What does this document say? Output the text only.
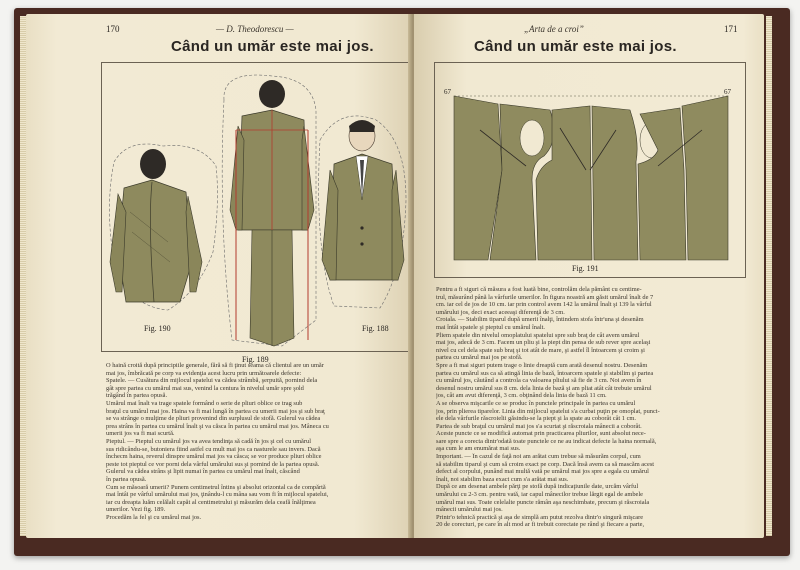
170	— D. Theodorescu —
Când un umăr este mai jos.
Fig. 190
Fig. 189
Fig. 188
O haină croită după principiile generale, fără să fi ţinut seama că clientul are un umăr
mai jos, îmbrăcată pe corp va evidenţia acest lucru prin următoarele defecte:
Spatele. — Cusătura din mijlocul spatelui va cădea strâmbă, şerpuită, pornind dela
gât spre partea cu umărul mai sus, venind la centura în nivelul umăr spre şold
trăgând în partea opusă.
Umărul mai înalt va trage spatele formând o serie de pliuri oblice ce trag sub
braţul cu umărul mai jos. Haina va fi mai lungă în partea cu umerii mai jos şi sub braţ
se va strânge o mulţime de pliuri provenind din surplusul de stofă. Gulerul va cădea
prea strâns în partea cu umărul înalt şi va căsca în partea cu umărul mai jos. Mâneca cu
umerii jos va fi mai scurtă.
Pieptul. — Pieptul cu umărul jos va avea tendinţa să cadă în jos şi cel cu umărul
sus ridicându-se, butoniera fiind astfel cu mult mai jos ca nasturele sau invers. Dacă
închecm haina, reverul dinspre umărul mai jos va căsca; se vor produce pliuri oblice
peste tot pieptul ce vor porni dela vârful umărului sus şi pornind de la partea opusă.
Gulerul va cădea strâns şi lipit numai în partea cu umărul mai înalt, căscând
în partea opusă.
Cum se măsoară umerii? Punem centimetrul întins şi absolut orizontal ca de compărtă
mai întâi pe vârful umărului mai jos, ţinându-l cu mâna sau vom fi în mijlocul spatelui,
iar cu dreapta luăm celălalt capăt al centimetrului şi măsurăm dela ceafă înălţimea
umerilor. Vezi fig. 189.
Procedăm la fel şi cu umărul mai jos.
„Arta de a croi”	171
Când un umăr este mai jos.
67	67
Fig. 191
Pentru a fi siguri că măsura a fost luată bine, controlăm dela pământ cu centime-
trul, măsurând până la vârfurile umerilor. În figura noastră am găsit umărul înalt de 7
cm. iar cel de jos de 10 cm. iar prin control avem 142 la umărul înalt şi 139 la vârful
umărului jos, deci exact aceeaşi diferenţă de 3 cm.
Croiala. — Stabilim tiparul după umerii înalţi, întindem stofa într'una şi desenăm
mai întâi spatele şi pieptul cu umărul înalt.
Pliem spatele din nivelul omoplatului spatelui spre sub braţ de cât avem umărul
mai jos, adecă de 3 cm. Facem un pliu şi la piept din pensa de sub rever spre acelaşi
nivel cu cel dela spate sub braţ şi tot atât de mare, şi astfel îl întoarcem şi croim şi
partea cu umărul mai jos pe stofă.
Spre a fi mai siguri putem trage o linie dreaptă cum arată desenul nostru. Desenăm
partea cu umărul sus ca să atingă linia de bază, întoarcem spatele şi stabilim şi partea
cu umărul jos, căutând a controla ca valoarea pliului să fie de 3 cm. Noi avem în
desenul nostru umărul sus 8 cm. dela linia de bază şi am pliat atât cât trebuie umărul
jos, cât am avut diferenţă, 3 cm. obţinând dela linia de bază 11 cm.
A se observa mişcarile ce se produc în punctele principale în partea cu umărul
jos, prin plierea tiparelor. Linia din mijlocul spatelui s'a curbat puţin pe omoplat, punct-
ele dela vârfurile răscroielii găsindu-se la piept şi la spate au coborât cât 1 cm.
Partea de sub braţul cu umărul mai jos s'a scurtat şi răscroiala mânecii a coborât.
Aceste puncte ce se modifică automat prin practicarea pliurilor, sunt absolut nece-
sare spre a corecta dintr'odată toate punctele ce ne au indicat defecte la haina normală,
aşa cum le am enumărat mai sus.
Important. — În cazul de faţă noi am arătat cum trebue să măsurăm corpul, cum
să stabilim tiparul şi cum să croim exact pe corp. Dacă însă avem ca să mascăm acest
defect al corpului, punând mai multă vată pe umărul mai jos spre a egala cu umărul
înalt, noi stabilim baza exact cum s'a arătat mai sus.
După ce am desenat ambele părţi pe stofă după indicaţiunile date, urcăm vârful
umărului cu 2-3 cm. pentru vată, iar capul mânecilor trebue lărgit egal de ambele
umărul mai sus. Toate celelalte puncte rămân aşa neschimbate, precum şi răscroiala
mânecii umărului mai jos.
Printr'o tehnică practică şi aşa de simplă am putut rezolva dintr'o singură mişcare
20 de corecturi, pe care în alt mod ar fi trebuit corectate pe rând şi fiecare a parte,
